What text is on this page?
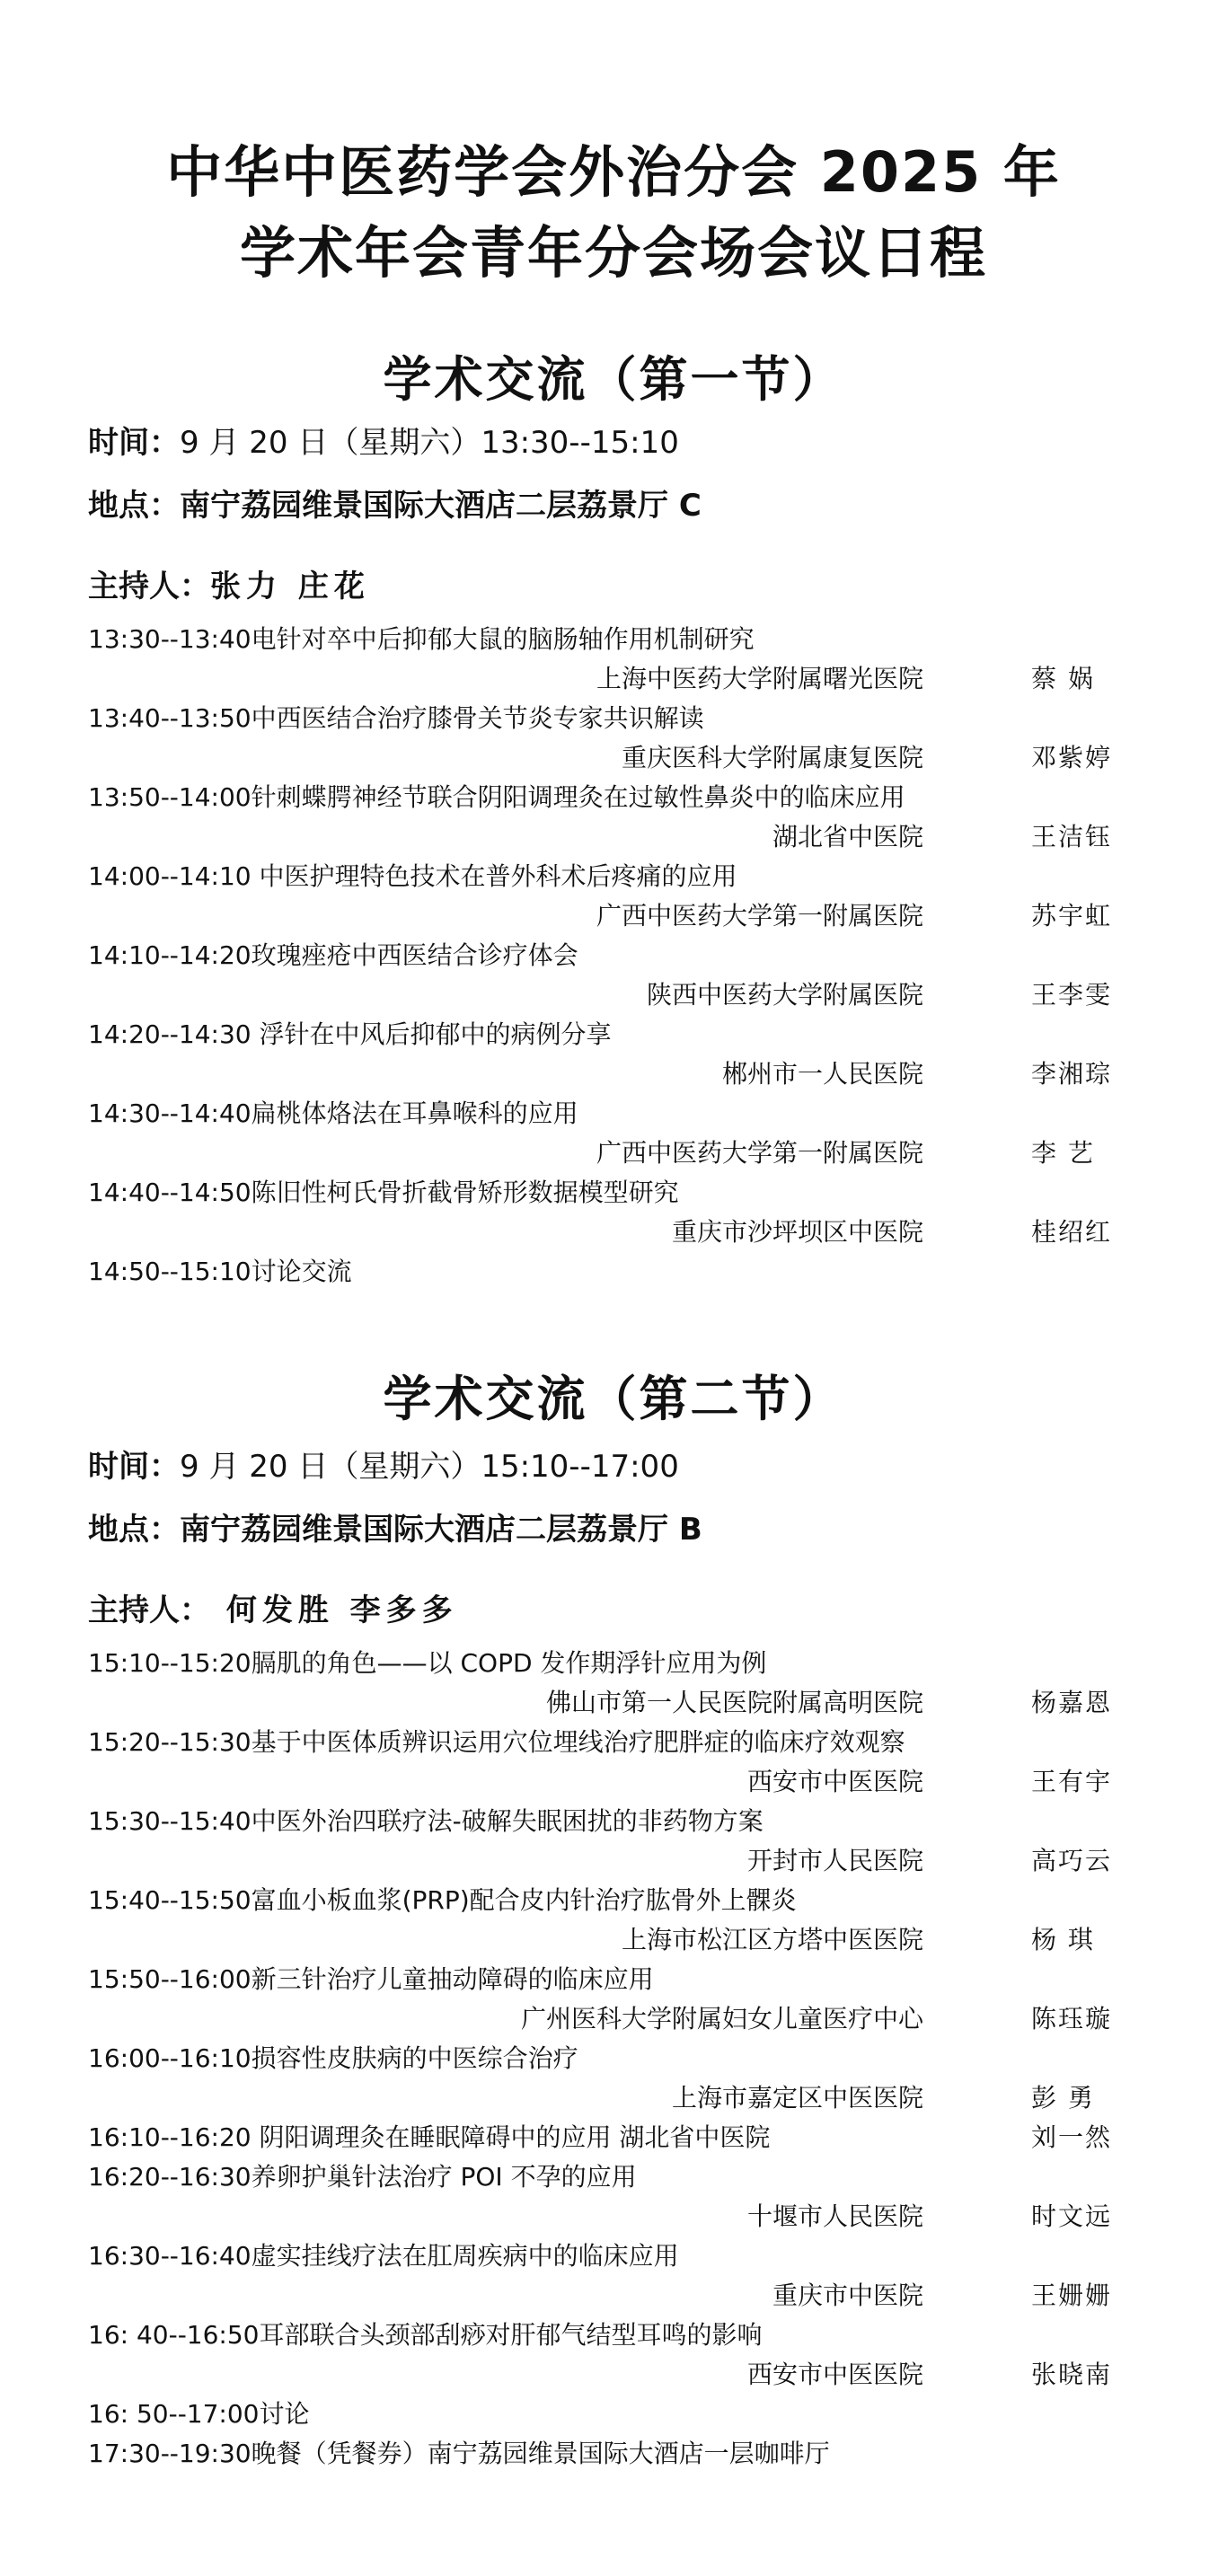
中华中医药学会外治分会 2025 年
学术年会青年分会场会议日程
学术交流（第一节）
时间：9 月 20 日（星期六）13:30--15:10
地点：南宁荔园维景国际大酒店二层荔景厅 C
主持人：张力 庄花
13:30--13:40电针对卒中后抑郁大鼠的脑肠轴作用机制研究
上海中医药大学附属曙光医院	蔡 娲
13:40--13:50中西医结合治疗膝骨关节炎专家共识解读
重庆医科大学附属康复医院	邓紫婷
13:50--14:00针刺蝶腭神经节联合阴阳调理灸在过敏性鼻炎中的临床应用
湖北省中医院	王洁钰
14:00--14:10 中医护理特色技术在普外科术后疼痛的应用
广西中医药大学第一附属医院	苏宇虹
14:10--14:20玫瑰痤疮中西医结合诊疗体会
陕西中医药大学附属医院	王李雯
14:20--14:30 浮针在中风后抑郁中的病例分享
郴州市一人民医院	李湘琮
14:30--14:40扁桃体烙法在耳鼻喉科的应用
广西中医药大学第一附属医院	李 艺
14:40--14:50陈旧性柯氏骨折截骨矫形数据模型研究
重庆市沙坪坝区中医院	桂绍红
14:50--15:10讨论交流
学术交流（第二节）
时间：9 月 20 日（星期六）15:10--17:00
地点：南宁荔园维景国际大酒店二层荔景厅 B
主持人： 何发胜 李多多
15:10--15:20膈肌的角色——以 COPD 发作期浮针应用为例
佛山市第一人民医院附属高明医院	杨嘉恩
15:20--15:30基于中医体质辨识运用穴位埋线治疗肥胖症的临床疗效观察
西安市中医医院	王有宇
15:30--15:40中医外治四联疗法-破解失眠困扰的非药物方案
开封市人民医院	高巧云
15:40--15:50富血小板血浆(PRP)配合皮内针治疗肱骨外上髁炎
上海市松江区方塔中医医院	杨 琪
15:50--16:00新三针治疗儿童抽动障碍的临床应用
广州医科大学附属妇女儿童医疗中心	陈珏璇
16:00--16:10损容性皮肤病的中医综合治疗
上海市嘉定区中医医院	彭 勇
16:10--16:20 阴阳调理灸在睡眠障碍中的应用 湖北省中医院	刘一然
16:20--16:30养卵护巢针法治疗 POI 不孕的应用
十堰市人民医院	时文远
16:30--16:40虚实挂线疗法在肛周疾病中的临床应用
重庆市中医院	王姗姗
16: 40--16:50耳部联合头颈部刮痧对肝郁气结型耳鸣的影响
西安市中医医院	张晓南
16: 50--17:00讨论
17:30--19:30晚餐（凭餐券）南宁荔园维景国际大酒店一层咖啡厅
